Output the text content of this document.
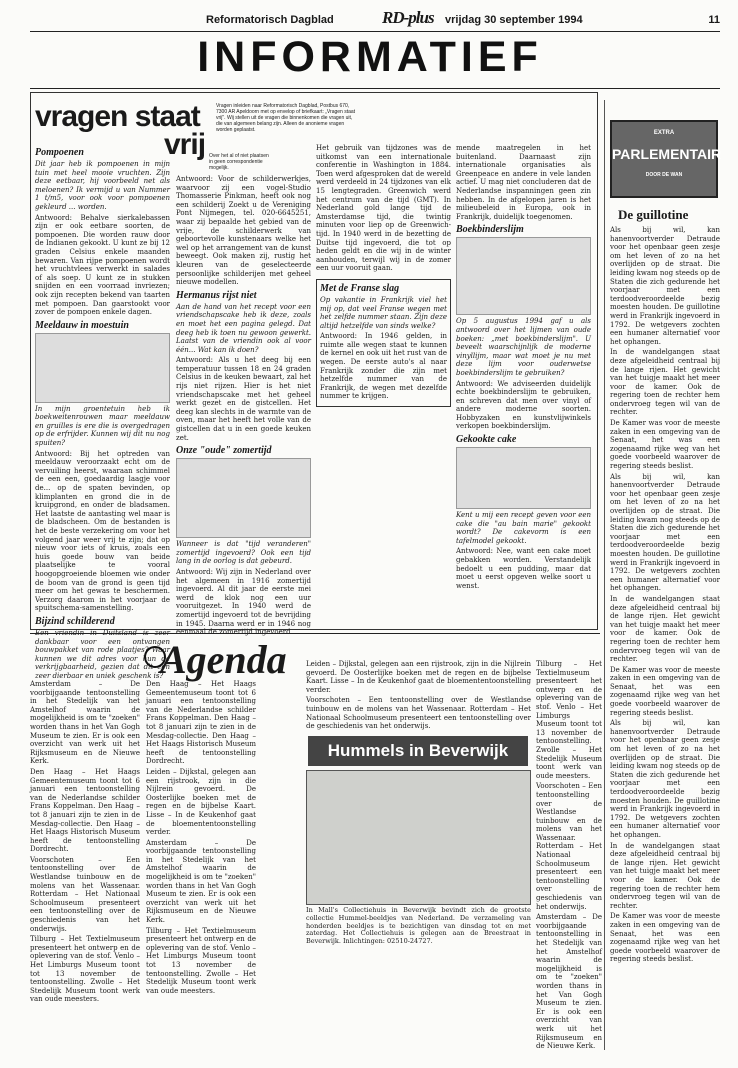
Reformatorisch Dagblad	RD-plus vrijdag 30 september 1994	11
INFORMATIEF
vragen staat
vrij
Vragen inleiden naar Reformatorisch Dagblad, Postbus 670, 7300 AR Apeldoorn met op envelop of briefkaart: „Vragen staat vrij". Wij stellen uit de vragen die binnenkomen die vragen uit, die van algemeen belang zijn. Alleen de anonieme vragen worden geplaatst.
Over het al of niet plaatsen in geen correspondentie mogelijk.
Pompoenen

Dit jaar heb ik pompoenen in mijn tuin met heel mooie vruchten. Zijn deze eetbaar, hij voorbeeld net als meloenen? Ik vermijd u van Nummer 1 t/m5, voor ook voor pompoenen gekleurd ... worden.

Antwoord: Behalve sierkalebassen zijn er ook eetbare soorten, de pompoenen. Die worden rauw door de Indianen gekookt. U kunt ze bij 12 graden Celsius enkele maanden bewaren. Van rijpe pompoenen wordt het vruchtvlees verwerkt in salades of als soep. U kunt ze in stukken snijden en een voorraad invriezen; ook zijn recepten bekend van taarten met pompoen. Dan gaarstookt voor zover de pompoen enkele dagen.

Meeldauw in moestuin

In mijn groentetuin heb ik boekweitenrouwen maar meeldauw en gruilles is ere die is overgedragen op de erfrijder. Kunnen wij dit nu nog spuiten?

Antwoord: Bij het optreden van meeldauw veroorzaakt echt om de vervuiling heerst, waaraan schimmel de een een, goedaardig laagje voor de... op de spaten bevinden, op klimplanten en grond die in de kruipgrond, en onder de bladsamen. Het laatste de aantasting wel maar is de bladscheen. Om de bestanden is het de beste verzekering om voor het volgend jaar weer vrij te zijn; dat op nieuw voor iets of kruis, zoals een huis goede bouw van beide plaatselijke te vooral hoogopgroeiende bloemen wie onder de boom van de grond is geen tijd meer om het gewas te beschermen. Verzorg daarom in het voorjaar de spuitschema-samenstelling.

Bijzind schilderend

Een vriendin in Duitsland is zeer dankbaar voor een ontvangen bouwpakket van rode plaatjes? Waar kunnen we dit adres voor hun de verkrijgbaarheid, gezien dat dit een zeer dierbaar en uniek geschenk is?

Antwoord: Voor de schilderwerkjes, waarvoor zij een vogel-Studio Thomasserie Pinkman, heeft ook nog een schilderij Zoekt u de Vereniging Pont Nijmegen, tel. 020-6645251, waar zij bepaalde het gebied van de vrije, de schilderwerk van geboortevolle kunstenaars welke het wel op het arrangement van de kunst beweegt. Ook maken zij, rustig het kleuren van de geselecteerde persoonlijke schilderijen met geheel nieuwe modellen.

Hermanus rijst niet

Aan de hand van het recept voor een vriendschapscake heb ik deze, zoals en moet het een pagina gelegd. Dat deeg heb ik toen nu gewoon gewerkt. Laatst van de vriendin ook al voor één... Wat kan ik doen?

Antwoord: Als u het deeg bij een temperatuur tussen 18 en 24 graden Celsius in de keuken bewaart, zal het rijs niet rijzen. Hier is het niet vriendschapscake met het geheel werkt gezet en de gistcellen. Het deeg kan slechts in de warmte van de oven, maar het heeft het volle van de gistcellen dat u in een goede keuken zet.

Onze "oude" zomertijd

Wanneer is dat "tijd veranderen" zomertijd ingevoerd? Ook een tijd lang in de oorlog is dat gebeurd.

Antwoord: Wij zijn in Nederland over het algemeen in 1916 zomertijd ingevoerd. Al dit jaar de eerste mei werd de klok nog een uur vooruitgezet. In 1940 werd de zomertijd ingevoerd tot de bevrijding in 1945. Daarna werd er in 1946 nog eenmaal de zomertijd ingevoerd.

Het gebruik van tijdzones was de uitkomst van een internationale conferentie in Washington in 1884. Toen werd afgesproken dat de wereld werd verdeeld in 24 tijdzones van elk 15 lengtegraden. Greenwich werd het centrum van de tijd (GMT). In Nederland gold lange tijd de Amsterdamse tijd, die twintig minuten voor liep op de Greenwich-tijd. In 1940 werd in de bezetting de Duitse tijd ingevoerd, die tot op heden geldt en die wij in de winter aanhouden, terwijl wij in de zomer een uur vooruit gaan.

Met de Franse slag

Op vakantie in Frankrijk viel het mij op, dat veel Franse wegen met het zelfde nummer staan. Zijn deze altijd hetzelfde van sinds welke?

Antwoord: In 1946 gelden, in ruimte alle wegen staat te kunnen de kernel en ook uit het rust van de wegen. De eerste auto's al naar Frankrijk zonder die zijn met hetzelfde nummer van de Frankrijk, de wegen met dezelfde nummer te krijgen.

mende maatregelen in het buitenland. Daarnaast zijn internationale organisaties als Greenpeace en andere in vele landen actief. U mag niet concluderen dat de Nederlandse inspanningen geen zin hebben. In de afgelopen jaren is het milieubeleid in Europa, ook in Frankrijk, duidelijk toegenomen.

Boekbinderslijm

Op 5 augustus 1994 gaf u als antwoord over het lijmen van oude boeken: „met boekbinderslijm". U beveelt waarschijnlijk de moderne vinyllijm, maar wat moet je nu met deze lijm voor ouderwetse boekbinderslijm te gebruiken?

Antwoord: We adviseerden duidelijk echte boekbinderslijm te gebruiken, en schreven dat men over vinyl of andere moderne soorten. Hobbyzaken en kunstvlijwinkels verkopen boekbinderslijm.

Gekookte cake

Kent u mij een recept geven voor een cake die "au bain marie" gekookt wordt? De cakevorm is een tafelmodel gekookt.

Antwoord: Nee, want een cake moet gebakken worden. Verstandelijk bedoelt u een pudding, maar dat moet u eerst opgeven welke soort u wenst.

EXTRA
PARLEMENTAIR
DOOR DE WAN
De guillotine

Als bij wil, kan hanenvoortverder Detraude voor het openbaar geen zesje om het leven of zo na het overlijden op de straat. Die leiding kwam nog steeds op de Staten die zich gedurende het voorjaar met een terdoodveroordeelde bezig moesten houden. De guillotine werd in Frankrijk ingevoerd in 1792. De wetgevers zochten een humaner alternatief voor het ophangen.

In de wandelgangen staat deze afgeleidheid centraal bij de lange rijen. Het gewicht van het tuigje maakt het meer voor de kamer. Ook de regering toen de rechter hem ondervroeg tegen wil van de rechter.

De Kamer was voor de meeste zaken in een omgeving van de Senaat, het was een zogenaamd rijke weg van het goede voorbeeld waarover de regering steeds beslist.

Als bij wil, kan hanenvoortverder Detraude voor het openbaar geen zesje om het leven of zo na het overlijden op de straat. Die leiding kwam nog steeds op de Staten die zich gedurende het voorjaar met een terdoodveroordeelde bezig moesten houden. De guillotine werd in Frankrijk ingevoerd in 1792. De wetgevers zochten een humaner alternatief voor het ophangen.

In de wandelgangen staat deze afgeleidheid centraal bij de lange rijen. Het gewicht van het tuigje maakt het meer voor de kamer. Ook de regering toen de rechter hem ondervroeg tegen wil van de rechter.

De Kamer was voor de meeste zaken in een omgeving van de Senaat, het was een zogenaamd rijke weg van het goede voorbeeld waarover de regering steeds beslist.

Als bij wil, kan hanenvoortverder Detraude voor het openbaar geen zesje om het leven of zo na het overlijden op de straat. Die leiding kwam nog steeds op de Staten die zich gedurende het voorjaar met een terdoodveroordeelde bezig moesten houden. De guillotine werd in Frankrijk ingevoerd in 1792. De wetgevers zochten een humaner alternatief voor het ophangen.

In de wandelgangen staat deze afgeleidheid centraal bij de lange rijen. Het gewicht van het tuigje maakt het meer voor de kamer. Ook de regering toen de rechter hem ondervroeg tegen wil van de rechter.

De Kamer was voor de meeste zaken in een omgeving van de Senaat, het was een zogenaamd rijke weg van het goede voorbeeld waarover de regering steeds beslist.

Agenda

Amsterdam – De voorbijgaande tentoonstelling in het Stedelijk van het Amstelhof waarin de mogelijkheid is om te "zoeken" worden thans in het Van Gogh Museum te zien. Er is ook een overzicht van werk uit het Rijksmuseum en de Nieuwe Kerk.

Den Haag – Het Haags Gemeentemuseum toont tot 6 januari een tentoonstelling van de Nederlandse schilder Frans Koppelman. Den Haag – tot 8 januari zijn te zien in de Mesdag-collectie. Den Haag – Het Haags Historisch Museum heeft de tentoonstelling Dordrecht.

Voorschoten – Een tentoonstelling over de Westlandse tuinbouw en de molens van het Wassenaar. Rotterdam – Het Nationaal Schoolmuseum presenteert een tentoonstelling over de geschiedenis van het onderwijs.

Tilburg – Het Textielmuseum presenteert het ontwerp en de oplevering van de stof. Venlo – Het Limburgs Museum toont tot 13 november de tentoonstelling. Zwolle – Het Stedelijk Museum toont werk van oude meesters.

Den Haag – Het Haags Gemeentemuseum toont tot 6 januari een tentoonstelling van de Nederlandse schilder Frans Koppelman. Den Haag – tot 8 januari zijn te zien in de Mesdag-collectie. Den Haag – Het Haags Historisch Museum heeft de tentoonstelling Dordrecht.

Leiden – Dijkstal, gelegen aan een rijstrook, zijn in die Nijlrein gevoerd. De Oosterlijke boeken met de regen en de bijbelse Kaart. Lisse – In de Keukenhof gaat de bloemententoonstelling verder.

Amsterdam – De voorbijgaande tentoonstelling in het Stedelijk van het Amstelhof waarin de mogelijkheid is om te "zoeken" worden thans in het Van Gogh Museum te zien. Er is ook een overzicht van werk uit het Rijksmuseum en de Nieuwe Kerk.

Tilburg – Het Textielmuseum presenteert het ontwerp en de oplevering van de stof. Venlo – Het Limburgs Museum toont tot 13 november de tentoonstelling. Zwolle – Het Stedelijk Museum toont werk van oude meesters.

Leiden – Dijkstal, gelegen aan een rijstrook, zijn in die Nijlrein gevoerd. De Oosterlijke boeken met de regen en de bijbelse Kaart. Lisse – In de Keukenhof gaat de bloemententoonstelling verder.

Voorschoten – Een tentoonstelling over de Westlandse tuinbouw en de molens van het Wassenaar. Rotterdam – Het Nationaal Schoolmuseum presenteert een tentoonstelling over de geschiedenis van het onderwijs.

Tilburg – Het Textielmuseum presenteert het ontwerp en de oplevering van de stof. Venlo – Het Limburgs Museum toont tot 13 november de tentoonstelling. Zwolle – Het Stedelijk Museum toont werk van oude meesters.

Voorschoten – Een tentoonstelling over de Westlandse tuinbouw en de molens van het Wassenaar. Rotterdam – Het Nationaal Schoolmuseum presenteert een tentoonstelling over de geschiedenis van het onderwijs.

Amsterdam – De voorbijgaande tentoonstelling in het Stedelijk van het Amstelhof waarin de mogelijkheid is om te "zoeken" worden thans in het Van Gogh Museum te zien. Er is ook een overzicht van werk uit het Rijksmuseum en de Nieuwe Kerk.

Hummels in Beverwijk
In Mall's Collectiehuis in Beverwijk bevindt zich de grootste collectie Hummel-beeldjes van Nederland. De verzameling van honderden beeldjes is te bezichtigen van dinsdag tot en met zaterdag. Het Collectiehuis is gelegen aan de Breestraat in Beverwijk. Inlichtingen: 02510-24727.
